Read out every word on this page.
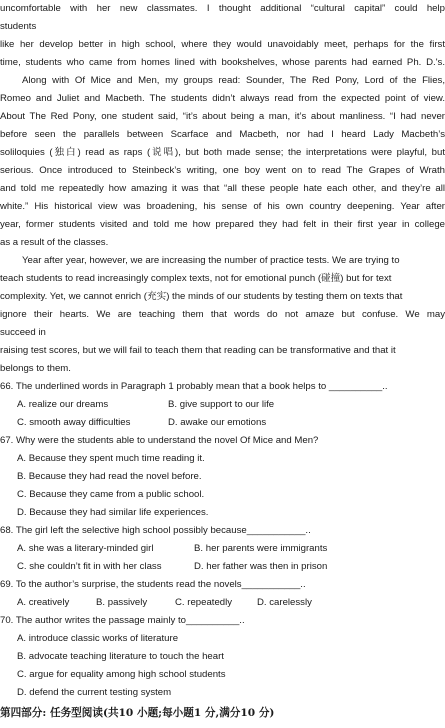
uncomfortable with her new classmates. I thought additional “cultural capital” could help
students
like her develop better in high school, where they would unavoidably meet, perhaps for the first
time, students who came from homes lined with bookshelves, whose parents had earned Ph. D.'s.
Along with Of Mice and Men, my groups read: Sounder, The Red Pony, Lord of the Flies,
Romeo and Juliet and Macbeth. The students didn’t always read from the expected point of view.
About The Red Pony, one student said, “it’s about being a man, it’s about manliness. “I had never
before seen the parallels between Scarface and Macbeth, nor had I heard Lady Macbeth’s
soliloquies (独白) read as raps (说唱), but both made sense; the interpretations were playful, but
serious. Once introduced to Steinbeck’s writing, one boy went on to read The Grapes of Wrath
and told me repeatedly how amazing it was that “all these people hate each other, and they’re all
white.” His historical view was broadening, his sense of his own country deepening. Year after
year, former students visited and told me how prepared they had felt in their first year in college
as a result of the classes.
Year after year, however, we are increasing the number of practice tests. We are trying to
teach students to read increasingly complex texts, not for emotional punch (碰撞) but for text
complexity. Yet, we cannot enrich (充实) the minds of our students by testing them on texts that
ignore their hearts. We are teaching them that words do not amaze but confuse. We may
succeed in
raising test scores, but we will fail to teach them that reading can be transformative and that it
belongs to them.
66. The underlined words in Paragraph 1 probably mean that a book helps to __________..
A. realize our dreams	B. give support to our life
C. smooth away difficulties	D. awake our emotions
67. Why were the students able to understand the novel Of Mice and Men?
A. Because they spent much time reading it.
B. Because they had read the novel before.
C. Because they came from a public school.
D. Because they had similar life experiences.
68. The girl left the selective high school possibly because___________..
A. she was a literary-minded girl	B. her parents were immigrants
C. she couldn’t fit in with her class	D. her father was then in prison
69. To the author’s surprise, the students read the novels___________..
A. creatively	B. passively	C. repeatedly	D. carelessly
70. The author writes the passage mainly to__________..
A. introduce classic works of literature
B. advocate teaching literature to touch the heart
C. argue for equality among high school students
D. defend the current testing system
第四部分: 任务型阅读(共10 小题;每小题1 分,满分10 分)
